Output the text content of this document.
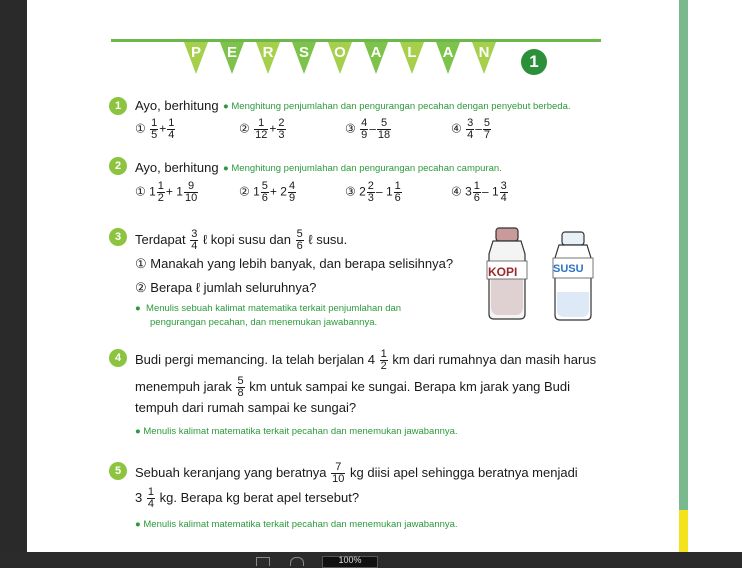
P	E	R	S	O	A	L	A	N	1
1	Ayo, berhitung ● Menghitung penjumlahan dan pengurangan pecahan dengan penyebut berbeda.
① $\frac{1}{5} + \frac{1}{4}$	② $\frac{1}{12} + \frac{2}{3}$	③ $\frac{4}{9} - \frac{5}{18}$	④ $\frac{3}{4} - \frac{5}{7}$
2	Ayo, berhitung ● Menghitung penjumlahan dan pengurangan pecahan campuran.
① $1 \frac{1}{2} + 1 \frac{9}{10}$	② $1 \frac{5}{6} + 2 \frac{4}{9}$	③ $2 \frac{2}{3} - 1 \frac{1}{6}$	④ $3 \frac{1}{6} - 1 \frac{3}{4}$
3	Terdapat $\frac{3}{4}$ ℓ kopi susu dan $\frac{5}{6}$ ℓ susu.
① Manakah yang lebih banyak, dan berapa selisihnya?
② Berapa ℓ jumlah seluruhnya?
●  Menulis sebuah kalimat matematika terkait penjumlahan dan
pengurangan pecahan, dan menemukan jawabannya.
KOPI	SUSU
4	Budi pergi memancing. Ia telah berjalan $4 \frac{1}{2}$ km dari rumahnya dan masih harus
menempuh jarak $\frac{5}{8}$ km untuk sampai ke sungai. Berapa km jarak yang Budi
tempuh dari rumah sampai ke sungai?
● Menulis kalimat matematika terkait pecahan dan menemukan jawabannya.
5	Sebuah keranjang yang beratnya $\frac{7}{10}$ kg diisi apel sehingga beratnya menjadi
$3 \frac{1}{4}$ kg. Berapa kg berat apel tersebut?
● Menulis kalimat matematika terkait pecahan dan menemukan jawabannya.
100%
